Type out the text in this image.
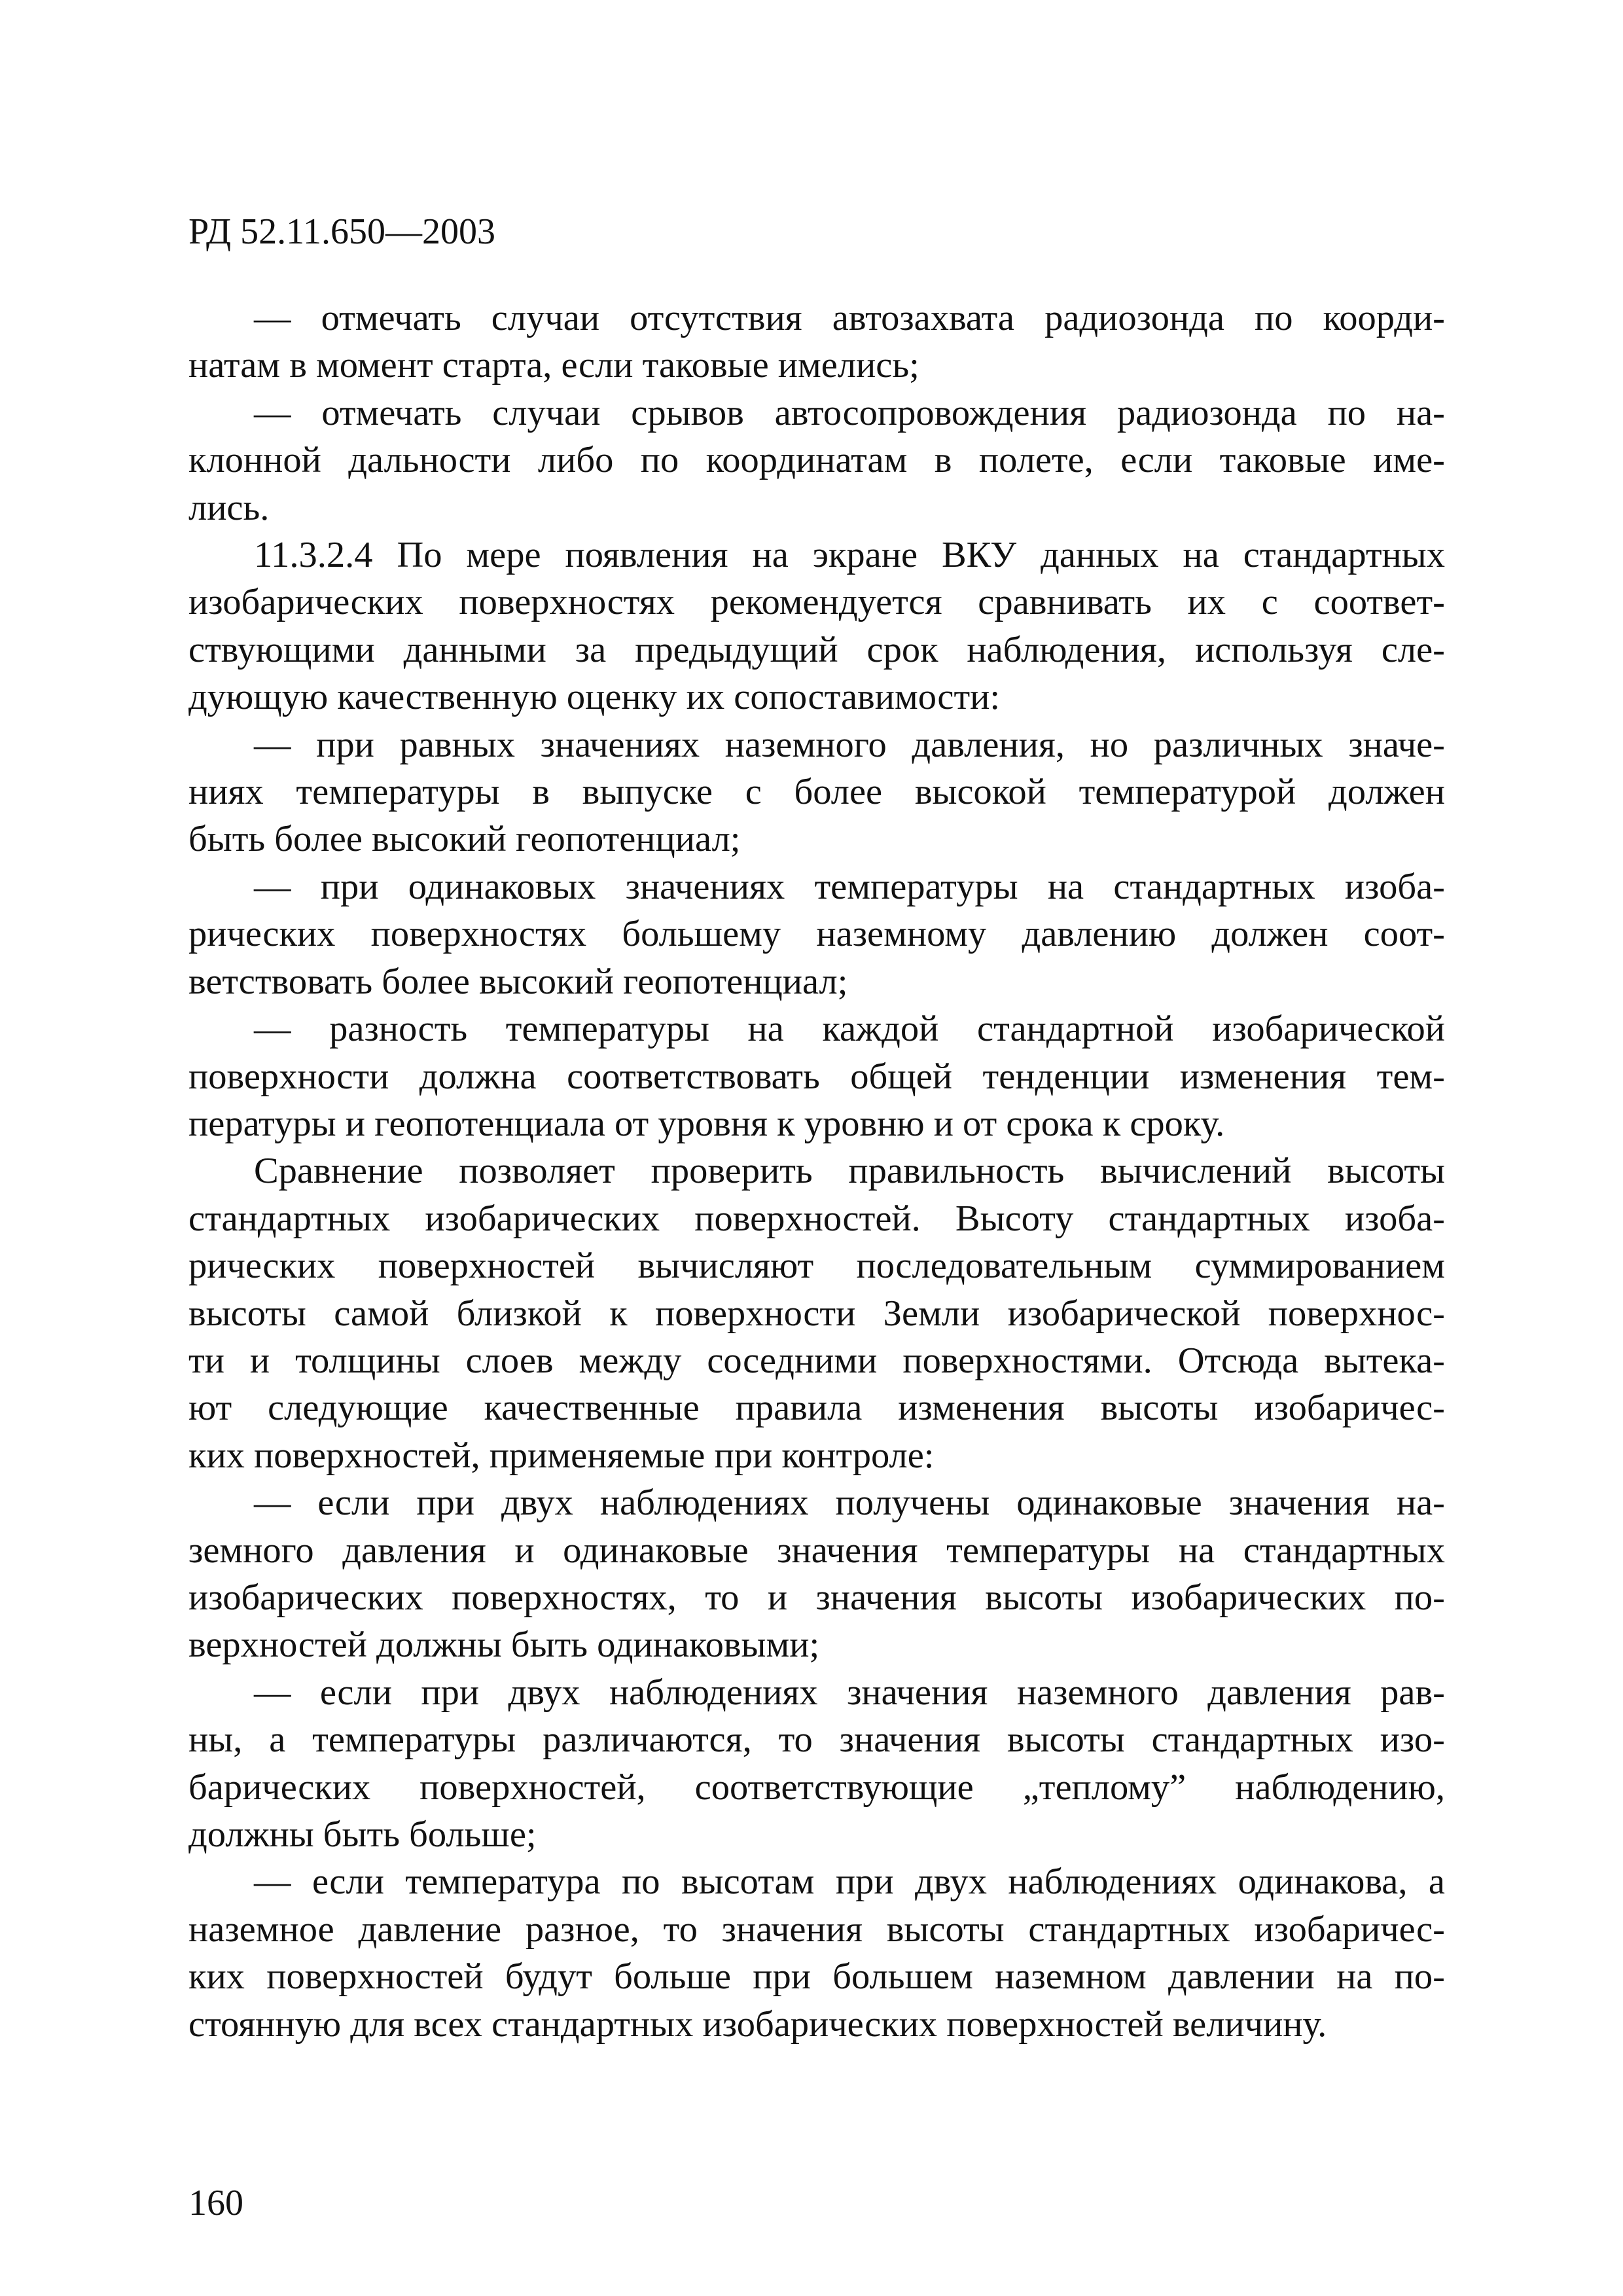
РД 52.11.650—2003
— отмечать случаи отсутствия автозахвата радиозонда по коорди-
натам в момент старта, если таковые имелись;
— отмечать случаи срывов автосопровождения радиозонда по на-
клонной дальности либо по координатам в полете, если таковые име-
лись.
11.3.2.4 По мере появления на экране ВКУ данных на стандартных
изобарических поверхностях рекомендуется сравнивать их с соответ-
ствующими данными за предыдущий срок наблюдения, используя сле-
дующую качественную оценку их сопоставимости:
— при равных значениях наземного давления, но различных значе-
ниях температуры в выпуске с более высокой температурой должен
быть более высокий геопотенциал;
— при одинаковых значениях температуры на стандартных изоба-
рических поверхностях большему наземному давлению должен соот-
ветствовать более высокий геопотенциал;
— разность температуры на каждой стандартной изобарической
поверхности должна соответствовать общей тенденции изменения тем-
пературы и геопотенциала от уровня к уровню и от срока к сроку.
Сравнение позволяет проверить правильность вычислений высоты
стандартных изобарических поверхностей. Высоту стандартных изоба-
рических поверхностей вычисляют последовательным суммированием
высоты самой близкой к поверхности Земли изобарической поверхнос-
ти и толщины слоев между соседними поверхностями. Отсюда вытека-
ют следующие качественные правила изменения высоты изобаричес-
ких поверхностей, применяемые при контроле:
— если при двух наблюдениях получены одинаковые значения на-
земного давления и одинаковые значения температуры на стандартных
изобарических поверхностях, то и значения высоты изобарических по-
верхностей должны быть одинаковыми;
— если при двух наблюдениях значения наземного давления рав-
ны, а температуры различаются, то значения высоты стандартных изо-
барических поверхностей, соответствующие „теплому” наблюдению,
должны быть больше;
— если температура по высотам при двух наблюдениях одинакова, а
наземное давление разное, то значения высоты стандартных изобаричес-
ких поверхностей будут больше при большем наземном давлении на по-
стоянную для всех стандартных изобарических поверхностей величину.
160
